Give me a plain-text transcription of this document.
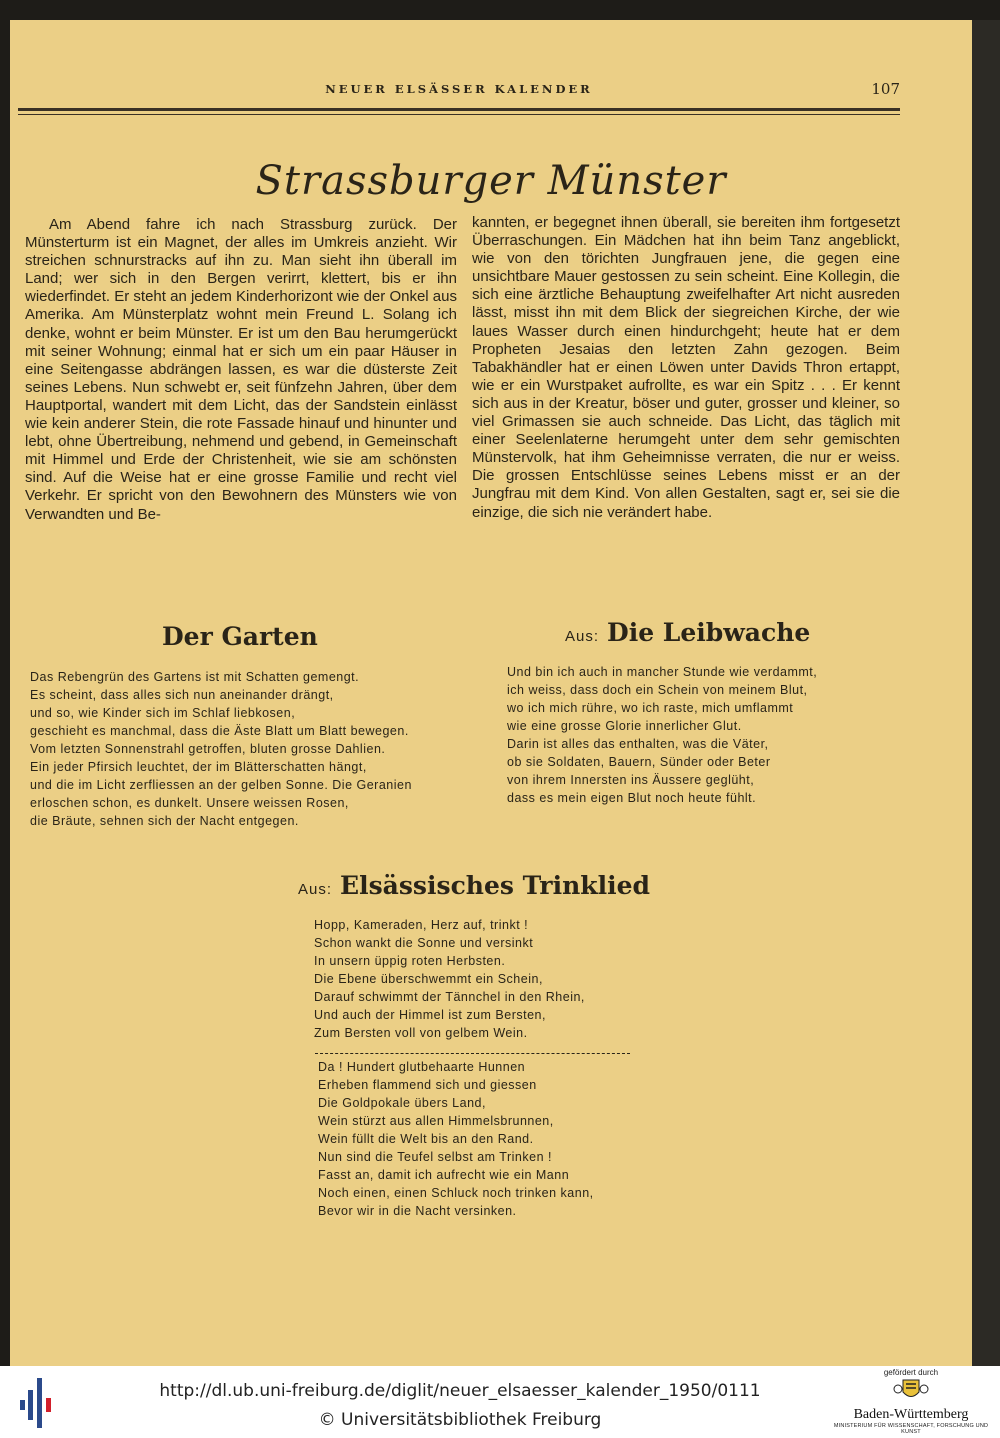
NEUER ELSÄSSER KALENDER	107
Strassburger Münster

Am Abend fahre ich nach Strassburg zurück. Der Münsterturm ist ein Magnet, der alles im Umkreis anzieht. Wir streichen schnurstracks auf ihn zu. Man sieht ihn überall im Land; wer sich in den Bergen verirrt, klettert, bis er ihn wiederfindet. Er steht an jedem Kinderhorizont wie der Onkel aus Amerika. Am Münsterplatz wohnt mein Freund L. Solang ich denke, wohnt er beim Münster. Er ist um den Bau herumgerückt mit seiner Wohnung; einmal hat er sich um ein paar Häuser in eine Seitengasse abdrängen lassen, es war die düsterste Zeit seines Lebens. Nun schwebt er, seit fünfzehn Jahren, über dem Hauptportal, wandert mit dem Licht, das der Sandstein einlässt wie kein anderer Stein, die rote Fassade hinauf und hinunter und lebt, ohne Übertreibung, nehmend und gebend, in Gemeinschaft mit Himmel und Erde der Christenheit, wie sie am schönsten sind. Auf die Weise hat er eine grosse Familie und recht viel Verkehr. Er spricht von den Bewohnern des Münsters wie von Verwandten und Be-

kannten, er begegnet ihnen überall, sie bereiten ihm fortgesetzt Überraschungen. Ein Mädchen hat ihn beim Tanz angeblickt, wie von den törichten Jungfrauen jene, die gegen eine unsichtbare Mauer gestossen zu sein scheint. Eine Kollegin, die sich eine ärztliche Behauptung zweifelhafter Art nicht ausreden lässt, misst ihn mit dem Blick der siegreichen Kirche, der wie laues Wasser durch einen hindurchgeht; heute hat er dem Propheten Jesaias den letzten Zahn gezogen. Beim Tabakhändler hat er einen Löwen unter Davids Thron ertappt, wie er ein Wurstpaket aufrollte, es war ein Spitz . . . Er kennt sich aus in der Kreatur, böser und guter, grosser und kleiner, so viel Grimassen sie auch schneide. Das Licht, das täglich mit einer Seelenlaterne herumgeht unter dem sehr gemischten Münstervolk, hat ihm Geheimnisse verraten, die nur er weiss. Die grossen Entschlüsse seines Lebens misst er an der Jungfrau mit dem Kind. Von allen Gestalten, sagt er, sei sie die einzige, die sich nie verändert habe.

Der Garten
Das Rebengrün des Gartens ist mit Schatten gemengt.
Es scheint, dass alles sich nun aneinander drängt,
und so, wie Kinder sich im Schlaf liebkosen,
geschieht es manchmal, dass die Äste Blatt um Blatt bewegen.
Vom letzten Sonnenstrahl getroffen, bluten grosse Dahlien.
Ein jeder Pfirsich leuchtet, der im Blätterschatten hängt,
und die im Licht zerfliessen an der gelben Sonne. Die Geranien
erloschen schon, es dunkelt. Unsere weissen Rosen,
die Bräute, sehnen sich der Nacht entgegen.
Aus: Die Leibwache
Und bin ich auch in mancher Stunde wie verdammt,
ich weiss, dass doch ein Schein von meinem Blut,
wo ich mich rühre, wo ich raste, mich umflammt
wie eine grosse Glorie innerlicher Glut.
Darin ist alles das enthalten, was die Väter,
ob sie Soldaten, Bauern, Sünder oder Beter
von ihrem Innersten ins Äussere geglüht,
dass es mein eigen Blut noch heute fühlt.
Aus: Elsässisches Trinklied
Hopp, Kameraden, Herz auf, trinkt !
Schon wankt die Sonne und versinkt
In unsern üppig roten Herbsten.
Die Ebene überschwemmt ein Schein,
Darauf schwimmt der Tännchel in den Rhein,
Und auch der Himmel ist zum Bersten,
Zum Bersten voll von gelbem Wein.
Da ! Hundert glutbehaarte Hunnen
Erheben flammend sich und giessen
Die Goldpokale übers Land,
Wein stürzt aus allen Himmelsbrunnen,
Wein füllt die Welt bis an den Rand.
Nun sind die Teufel selbst am Trinken !
Fasst an, damit ich aufrecht wie ein Mann
Noch einen, einen Schluck noch trinken kann,
Bevor wir in die Nacht versinken.
http://dl.ub.uni-freiburg.de/diglit/neuer_elsaesser_kalender_1950/0111
© Universitätsbibliothek Freiburg
gefördert durch
Baden-Württemberg
MINISTERIUM FÜR WISSENSCHAFT, FORSCHUNG UND KUNST
